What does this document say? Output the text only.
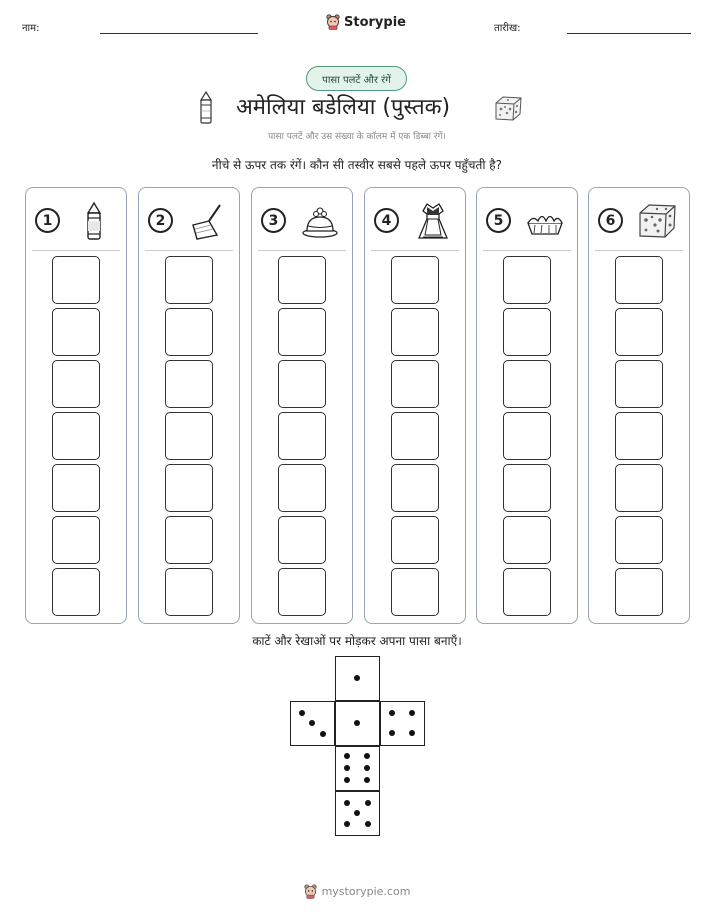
नाम:	Storypie	तारीख:
पासा पलटें और रंगें
अमेलिया बडेलिया (पुस्तक)
पासा पलटें और उस संख्या के कॉलम में एक डिब्बा रंगें।
नीचे से ऊपर तक रंगें। कौन सी तस्वीर सबसे पहले ऊपर पहुँचती है?
1	2	3	4	5	6
काटें और रेखाओं पर मोड़कर अपना पासा बनाएँ।
mystorypie.com
